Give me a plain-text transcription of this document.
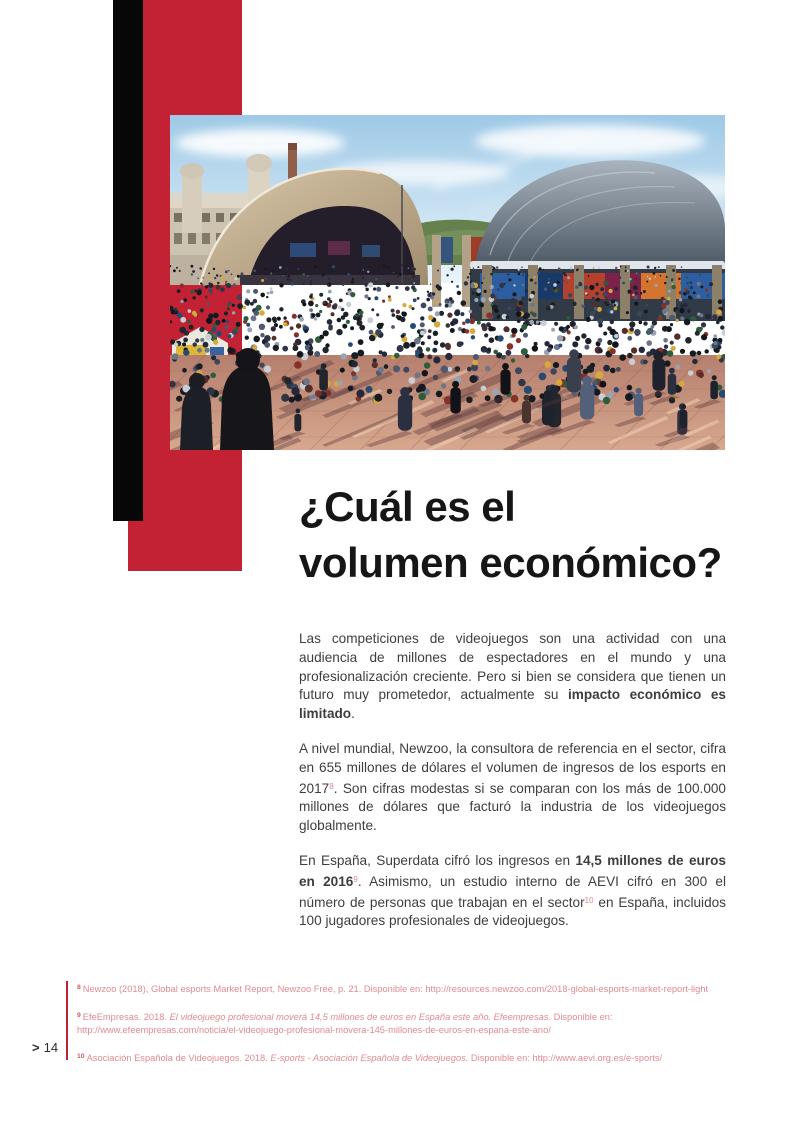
¿Cuál es el
volumen económico?

Las competiciones de videojuegos son una actividad con una audiencia de millones de espectadores en el mundo y una profesionalización creciente. Pero si bien se considera que tienen un futuro muy prometedor, actualmente su impacto económico es limitado.

A nivel mundial, Newzoo, la consultora de referencia en el sector, cifra en 655 millones de dólares el volumen de ingresos de los esports en 2017$^8$. Son cifras modestas si se comparan con los más de 100.000 millones de dólares que facturó la industria de los videojuegos globalmente.

En España, Superdata cifró los ingresos en 14,5 millones de euros en 2016$^9$. Asimismo, un estudio interno de AEVI cifró en 300 el número de personas que trabajan en el sector$^{10}$ en España, incluidos 100 jugadores profesionales de videojuegos.

> 14

$^8$ Newzoo (2018), Global esports Market Report, Newzoo Free, p. 21. Disponible en: http://resources.newzoo.com/2018-global-esports-market-report-light

$^9$ EfeEmpresas. 2018. El videojuego profesional moverá 14,5 millones de euros en España este año. Efeempresas. Disponible en:
http://www.efeempresas.com/noticia/el-videojuego-profesional-movera-145-millones-de-euros-en-espana-este-ano/

$^{10}$ Asociación Española de Videojuegos. 2018. E-sports - Asociación Española de Videojuegos. Disponible en: http://www.aevi.org.es/e-sports/
